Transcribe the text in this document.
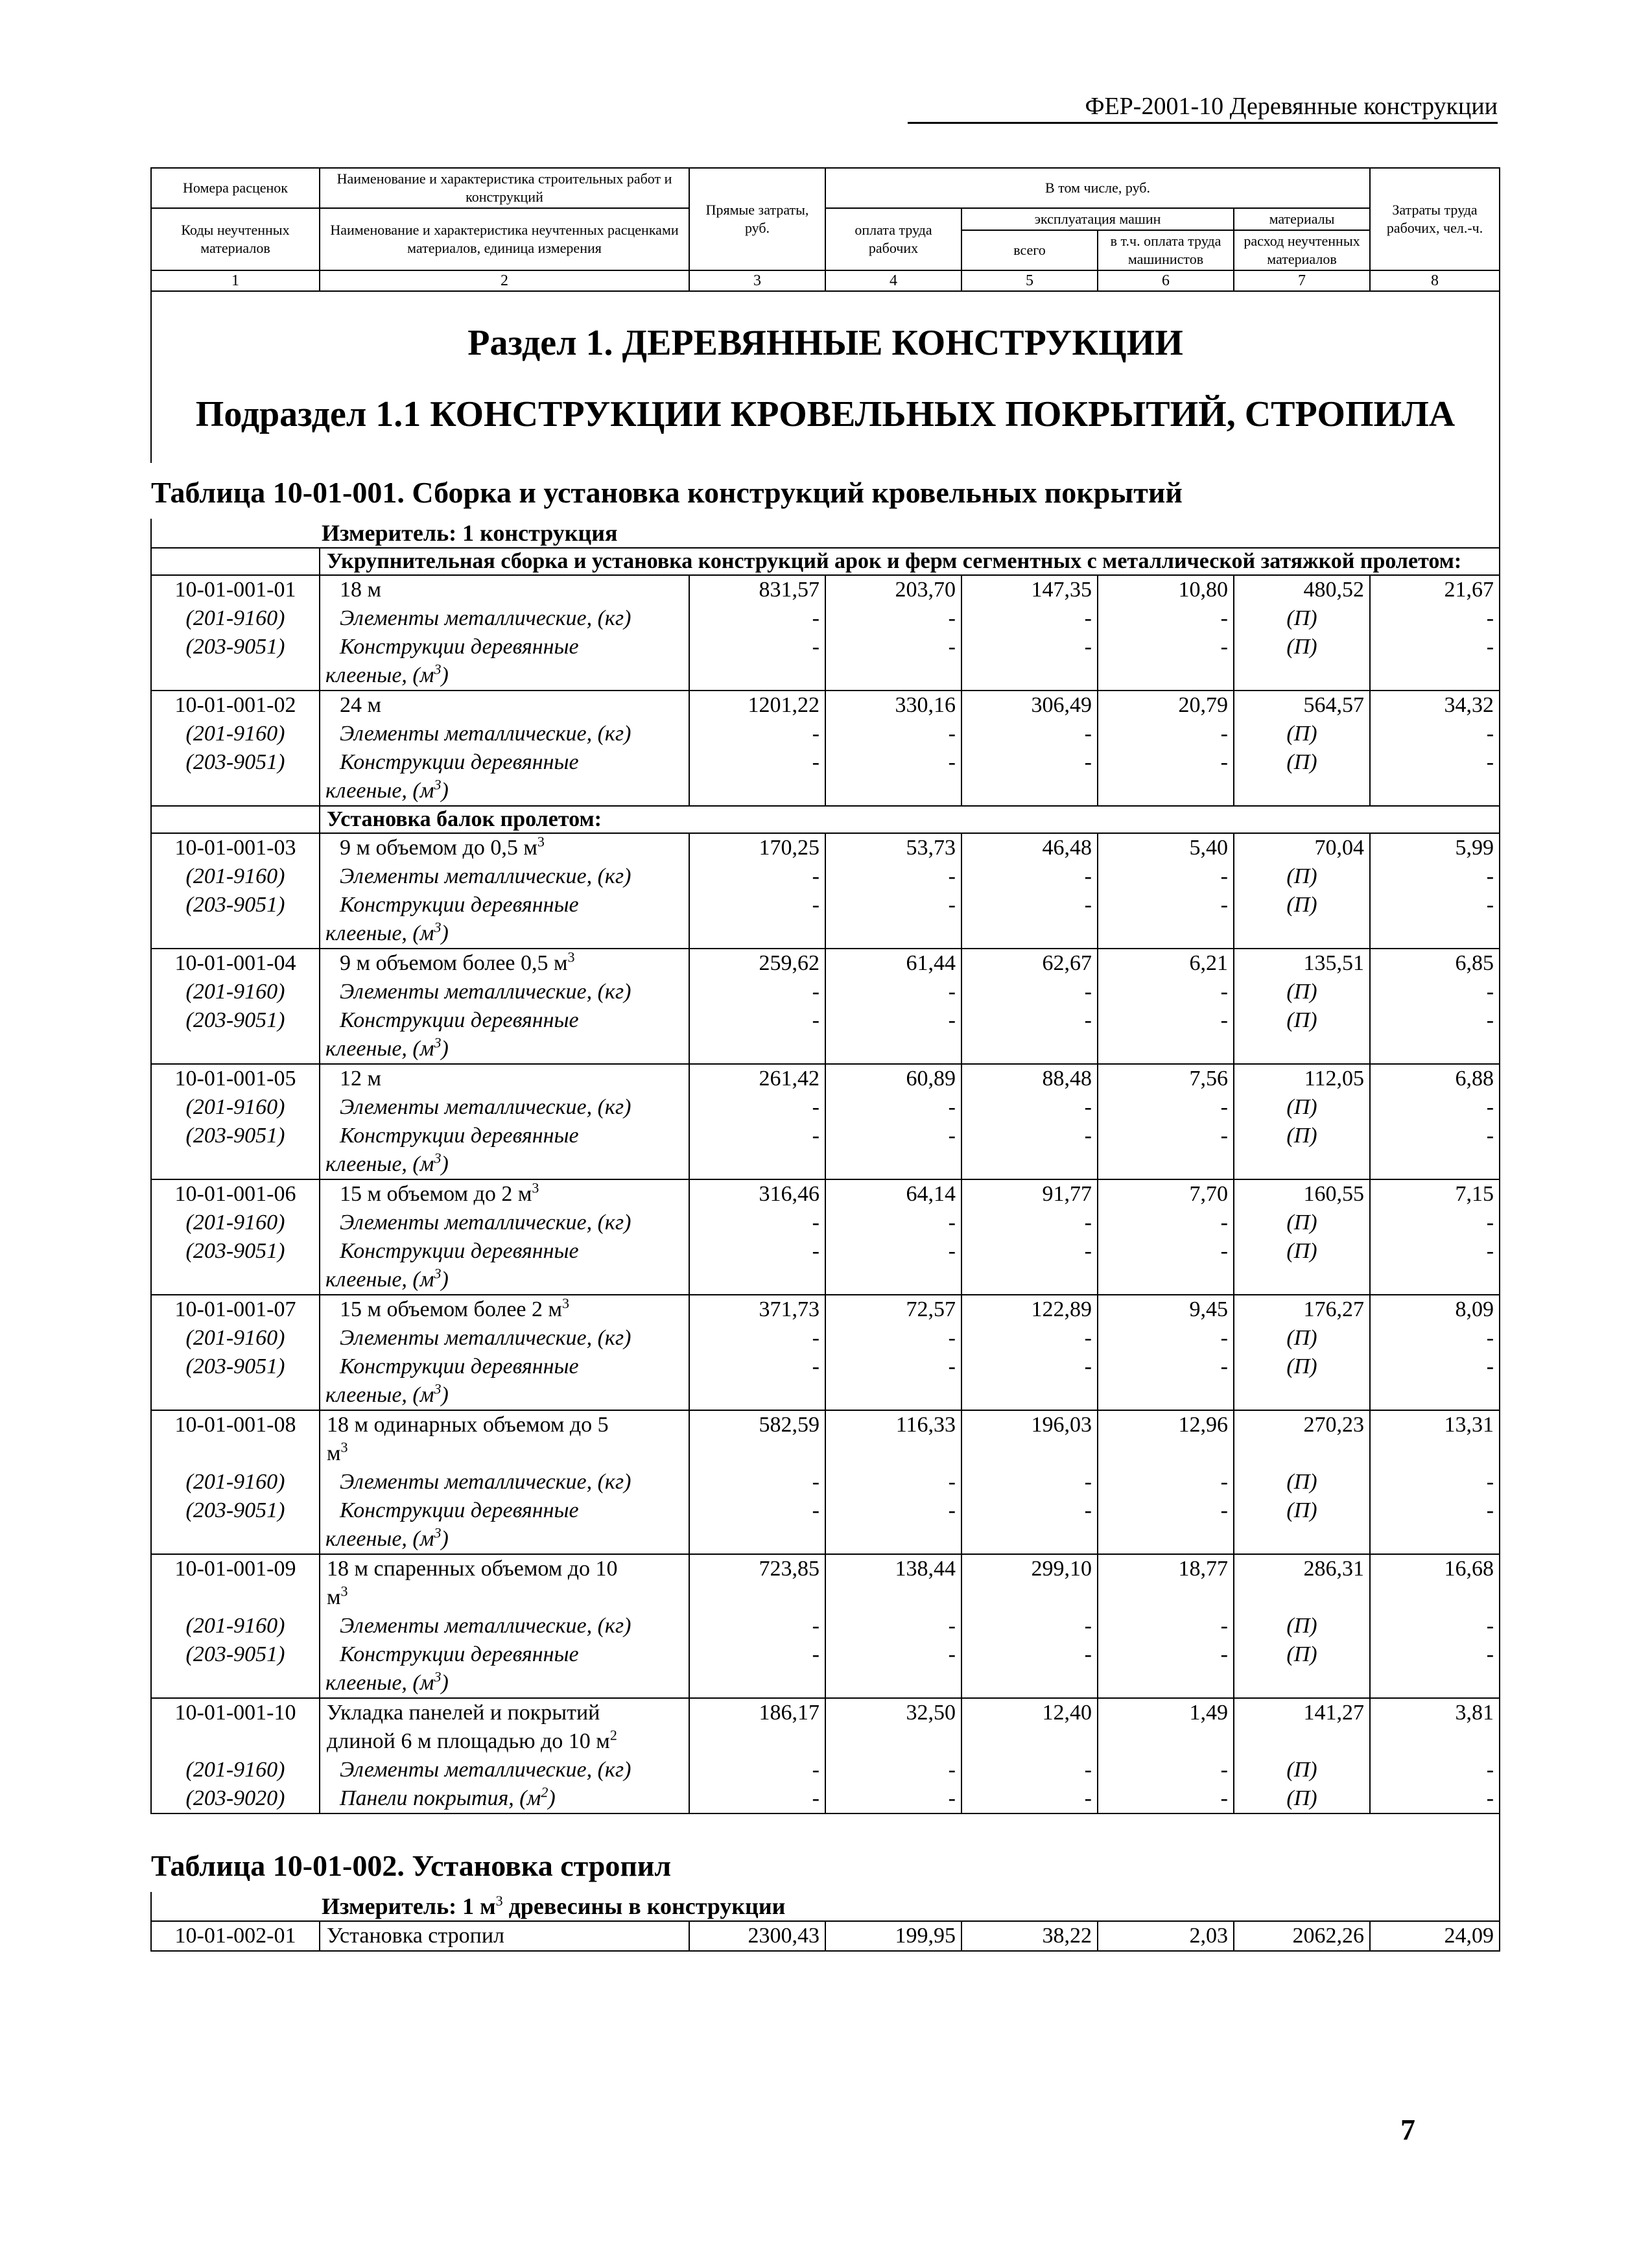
ФЕР-2001-10 Деревянные конструкции
Номера расценок	Наименование и характеристика строительных работ и конструкций	Прямые затраты, руб.	В том числе, руб.				Затраты труда рабочих, чел.-ч.
Коды неучтенных материалов	Наименование и характеристика неучтенных расценками материалов, единица измерения		оплата труда рабочих	эксплуатация машин		материалы	
				всего	в т.ч. оплата труда машинистов	расход неучтенных материалов	
1	2	3	4	5	6	7	8
Раздел 1. ДЕРЕВЯННЫЕ КОНСТРУКЦИИ							
Подраздел 1.1 КОНСТРУКЦИИ КРОВЕЛЬНЫХ ПОКРЫТИЙ, СТРОПИЛА							
Таблица 10-01-001. Сборка и установка конструкций кровельных покрытий							
Измеритель: 1 конструкция							
	Укрупнительная сборка и установка конструкций арок и ферм сегментных с металлической затяжкой пролетом:						
10-01-001-01	18 м	831,57	203,70	147,35	10,80	480,52	21,67
(201-9160)	Элементы металлические, (кг)	-	-	-	-	(П)	-
(203-9051)	Конструкции деревянные
клееные, $(м^3)$	-	-	-	-	(П)	-
10-01-001-02	24 м	1201,22	330,16	306,49	20,79	564,57	34,32
(201-9160)	Элементы металлические, (кг)	-	-	-	-	(П)	-
(203-9051)	Конструкции деревянные
клееные, $(м^3)$	-	-	-	-	(П)	-
	Установка балок пролетом:						
10-01-001-03	9 м объемом до 0,5 $м^3$	170,25	53,73	46,48	5,40	70,04	5,99
(201-9160)	Элементы металлические, (кг)	-	-	-	-	(П)	-
(203-9051)	Конструкции деревянные
клееные, $(м^3)$	-	-	-	-	(П)	-
10-01-001-04	9 м объемом более 0,5 $м^3$	259,62	61,44	62,67	6,21	135,51	6,85
(201-9160)	Элементы металлические, (кг)	-	-	-	-	(П)	-
(203-9051)	Конструкции деревянные
клееные, $(м^3)$	-	-	-	-	(П)	-
10-01-001-05	12 м	261,42	60,89	88,48	7,56	112,05	6,88
(201-9160)	Элементы металлические, (кг)	-	-	-	-	(П)	-
(203-9051)	Конструкции деревянные
клееные, $(м^3)$	-	-	-	-	(П)	-
10-01-001-06	15 м объемом до 2 $м^3$	316,46	64,14	91,77	7,70	160,55	7,15
(201-9160)	Элементы металлические, (кг)	-	-	-	-	(П)	-
(203-9051)	Конструкции деревянные
клееные, $(м^3)$	-	-	-	-	(П)	-
10-01-001-07	15 м объемом более 2 $м^3$	371,73	72,57	122,89	9,45	176,27	8,09
(201-9160)	Элементы металлические, (кг)	-	-	-	-	(П)	-
(203-9051)	Конструкции деревянные
клееные, $(м^3)$	-	-	-	-	(П)	-
10-01-001-08	18 м одинарных объемом до 5
$м^3$	582,59	116,33	196,03	12,96	270,23	13,31
(201-9160)	Элементы металлические, (кг)	-	-	-	-	(П)	-
(203-9051)	Конструкции деревянные
клееные, $(м^3)$	-	-	-	-	(П)	-
10-01-001-09	18 м спаренных объемом до 10
$м^3$	723,85	138,44	299,10	18,77	286,31	16,68
(201-9160)	Элементы металлические, (кг)	-	-	-	-	(П)	-
(203-9051)	Конструкции деревянные
клееные, $(м^3)$	-	-	-	-	(П)	-
10-01-001-10	Укладка панелей и покрытий
длиной 6 м площадью до 10 $м^2$	186,17	32,50	12,40	1,49	141,27	3,81
(201-9160)	Элементы металлические, (кг)	-	-	-	-	(П)	-
(203-9020)	Панели покрытия, $(м^2)$	-	-	-	-	(П)	-
Таблица 10-01-002. Установка стропил							
Измеритель: 1 $м^3$ древесины в конструкции							
10-01-002-01	Установка стропил	2300,43	199,95	38,22	2,03	2062,26	24,09
7
